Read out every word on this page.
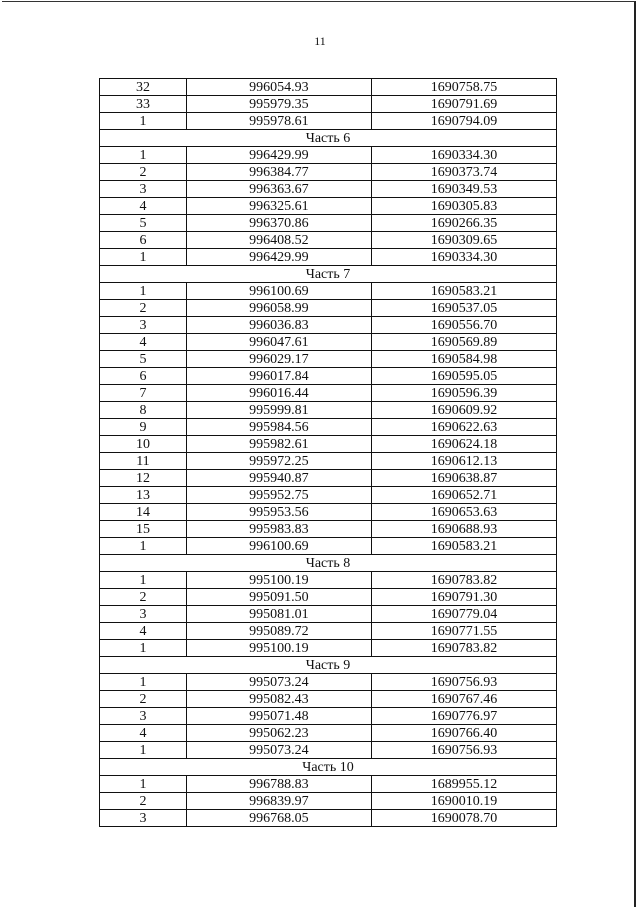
11
32	996054.93	1690758.75
33	995979.35	1690791.69
1	995978.61	1690794.09
Часть 6		
1	996429.99	1690334.30
2	996384.77	1690373.74
3	996363.67	1690349.53
4	996325.61	1690305.83
5	996370.86	1690266.35
6	996408.52	1690309.65
1	996429.99	1690334.30
Часть 7		
1	996100.69	1690583.21
2	996058.99	1690537.05
3	996036.83	1690556.70
4	996047.61	1690569.89
5	996029.17	1690584.98
6	996017.84	1690595.05
7	996016.44	1690596.39
8	995999.81	1690609.92
9	995984.56	1690622.63
10	995982.61	1690624.18
11	995972.25	1690612.13
12	995940.87	1690638.87
13	995952.75	1690652.71
14	995953.56	1690653.63
15	995983.83	1690688.93
1	996100.69	1690583.21
Часть 8		
1	995100.19	1690783.82
2	995091.50	1690791.30
3	995081.01	1690779.04
4	995089.72	1690771.55
1	995100.19	1690783.82
Часть 9		
1	995073.24	1690756.93
2	995082.43	1690767.46
3	995071.48	1690776.97
4	995062.23	1690766.40
1	995073.24	1690756.93
Часть 10		
1	996788.83	1689955.12
2	996839.97	1690010.19
3	996768.05	1690078.70
